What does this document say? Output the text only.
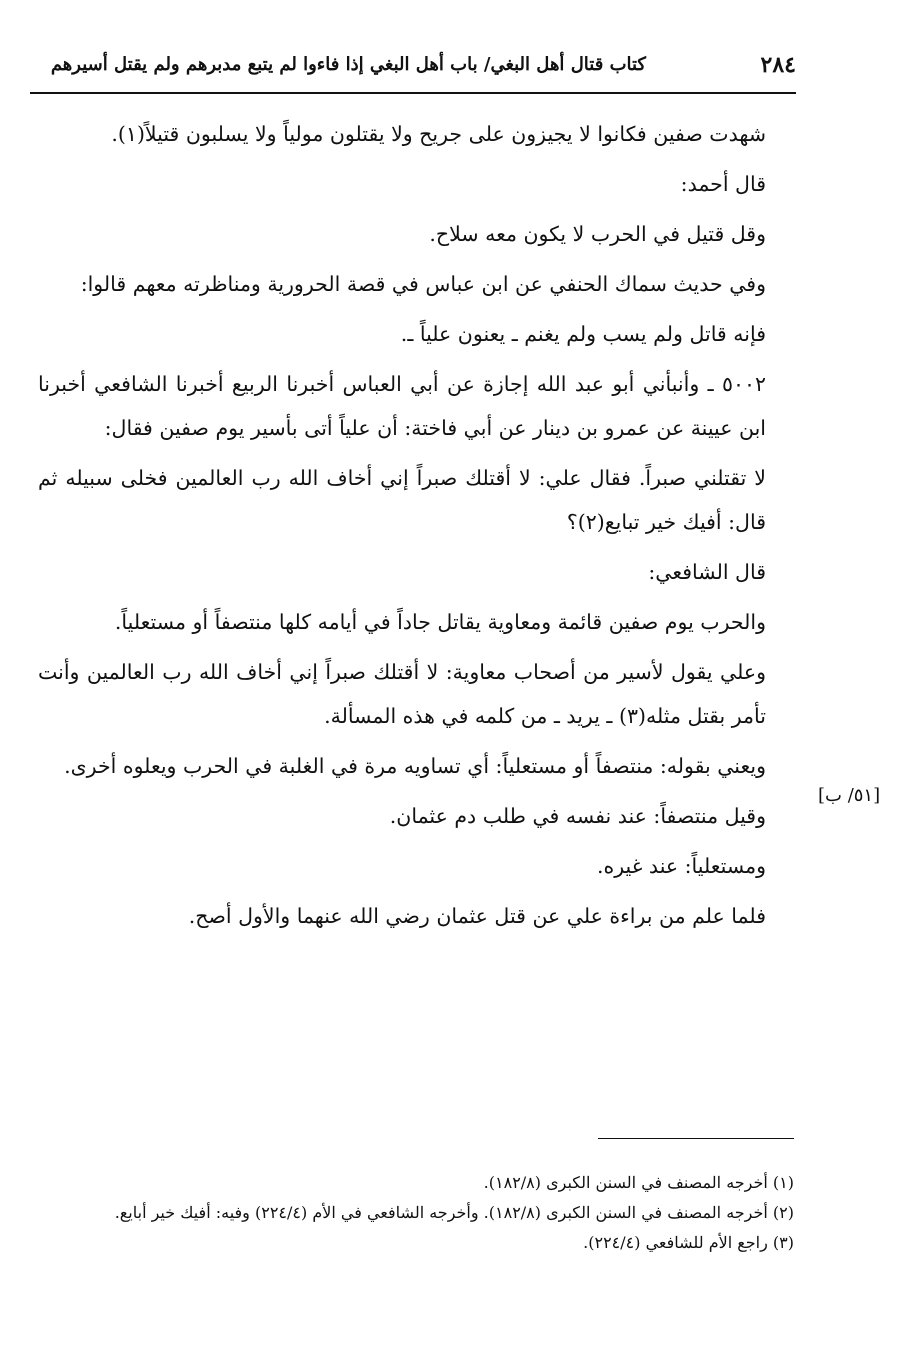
٢٨٤
كتاب قتال أهل البغي/ باب أهل البغي إذا فاءوا لم يتبع مدبرهم ولم يقتل أسيرهم
[٥١/ ب]

شهدت صفين فكانوا لا يجيزون على جريح ولا يقتلون مولياً ولا يسلبون قتيلاً(١).

قال أحمد:

وقل قتيل في الحرب لا يكون معه سلاح.

وفي حديث سماك الحنفي عن ابن عباس في قصة الحرورية ومناظرته معهم قالوا:

فإنه قاتل ولم يسب ولم يغنم ـ يعنون علياً ـ.

٥٠٠٢ ـ وأنبأني أبو عبد الله إجازة عن أبي العباس أخبرنا الربيع أخبرنا الشافعي أخبرنا ابن عيينة عن عمرو بن دينار عن أبي فاختة: أن علياً أتى بأسير يوم صفين فقال:

لا تقتلني صبراً. فقال علي: لا أقتلك صبراً إني أخاف الله رب العالمين فخلى سبيله ثم قال: أفيك خير تبايع(٢)؟

قال الشافعي:

والحرب يوم صفين قائمة ومعاوية يقاتل جاداً في أيامه كلها منتصفاً أو مستعلياً.

وعلي يقول لأسير من أصحاب معاوية: لا أقتلك صبراً إني أخاف الله رب العالمين وأنت تأمر بقتل مثله(٣) ـ يريد ـ من كلمه في هذه المسألة.

ويعني بقوله: منتصفاً أو مستعلياً: أي تساويه مرة في الغلبة في الحرب ويعلوه أخرى.

وقيل منتصفاً: عند نفسه في طلب دم عثمان.

ومستعلياً: عند غيره.

فلما علم من براءة علي عن قتل عثمان رضي الله عنهما والأول أصح.

(١) أخرجه المصنف في السنن الكبرى (١٨٢/٨).

(٢) أخرجه المصنف في السنن الكبرى (١٨٢/٨). وأخرجه الشافعي في الأم (٢٢٤/٤) وفيه: أفيك خير أبايع.

(٣) راجع الأم للشافعي (٢٢٤/٤).
